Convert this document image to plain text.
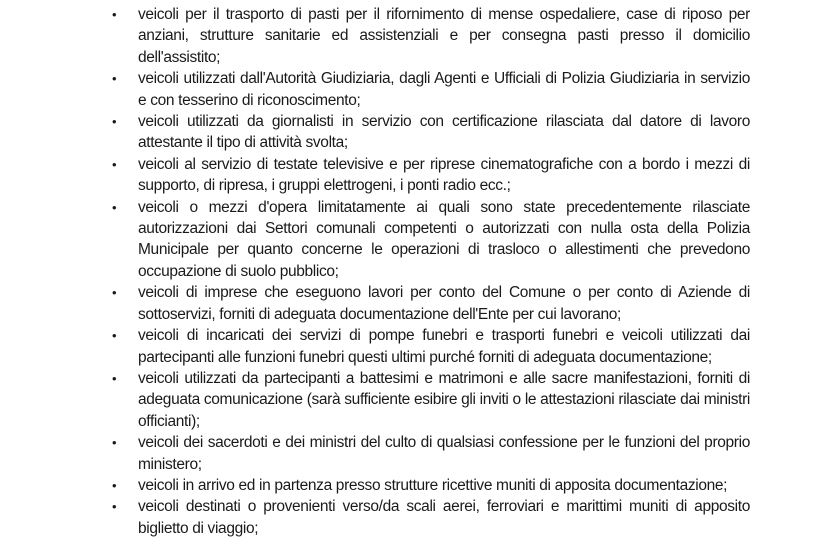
• veicoli per il trasporto di pasti per il rifornimento di mense ospedaliere, case di riposo per anziani, strutture sanitarie ed assistenziali e per consegna pasti presso il domicilio dell'assistito;
• veicoli utilizzati dall'Autorità Giudiziaria, dagli Agenti e Ufficiali di Polizia Giudiziaria in servizio e con tesserino di riconoscimento;
• veicoli utilizzati da giornalisti in servizio con certificazione rilasciata dal datore di lavoro attestante il tipo di attività svolta;
• veicoli al servizio di testate televisive e per riprese cinematografiche con a bordo i mezzi di supporto, di ripresa, i gruppi elettrogeni, i ponti radio ecc.;
• veicoli o mezzi d'opera limitatamente ai quali sono state precedentemente rilasciate autorizzazioni dai Settori comunali competenti o autorizzati con nulla osta della Polizia Municipale per quanto concerne le operazioni di trasloco o allestimenti che prevedono occupazione di suolo pubblico;
• veicoli di imprese che eseguono lavori per conto del Comune o per conto di Aziende di sottoservizi, forniti di adeguata documentazione dell'Ente per cui lavorano;
• veicoli di incaricati dei servizi di pompe funebri e trasporti funebri e veicoli utilizzati dai partecipanti alle funzioni funebri questi ultimi purché forniti di adeguata documentazione;
• veicoli utilizzati da partecipanti a battesimi e matrimoni e alle sacre manifestazioni, forniti di adeguata comunicazione (sarà sufficiente esibire gli inviti o le attestazioni rilasciate dai ministri officianti);
• veicoli dei sacerdoti e dei ministri del culto di qualsiasi confessione per le funzioni del proprio ministero;
• veicoli in arrivo ed in partenza presso strutture ricettive muniti di apposita documentazione;
• veicoli destinati o provenienti verso/da scali aerei, ferroviari e marittimi muniti di apposito biglietto di viaggio;
